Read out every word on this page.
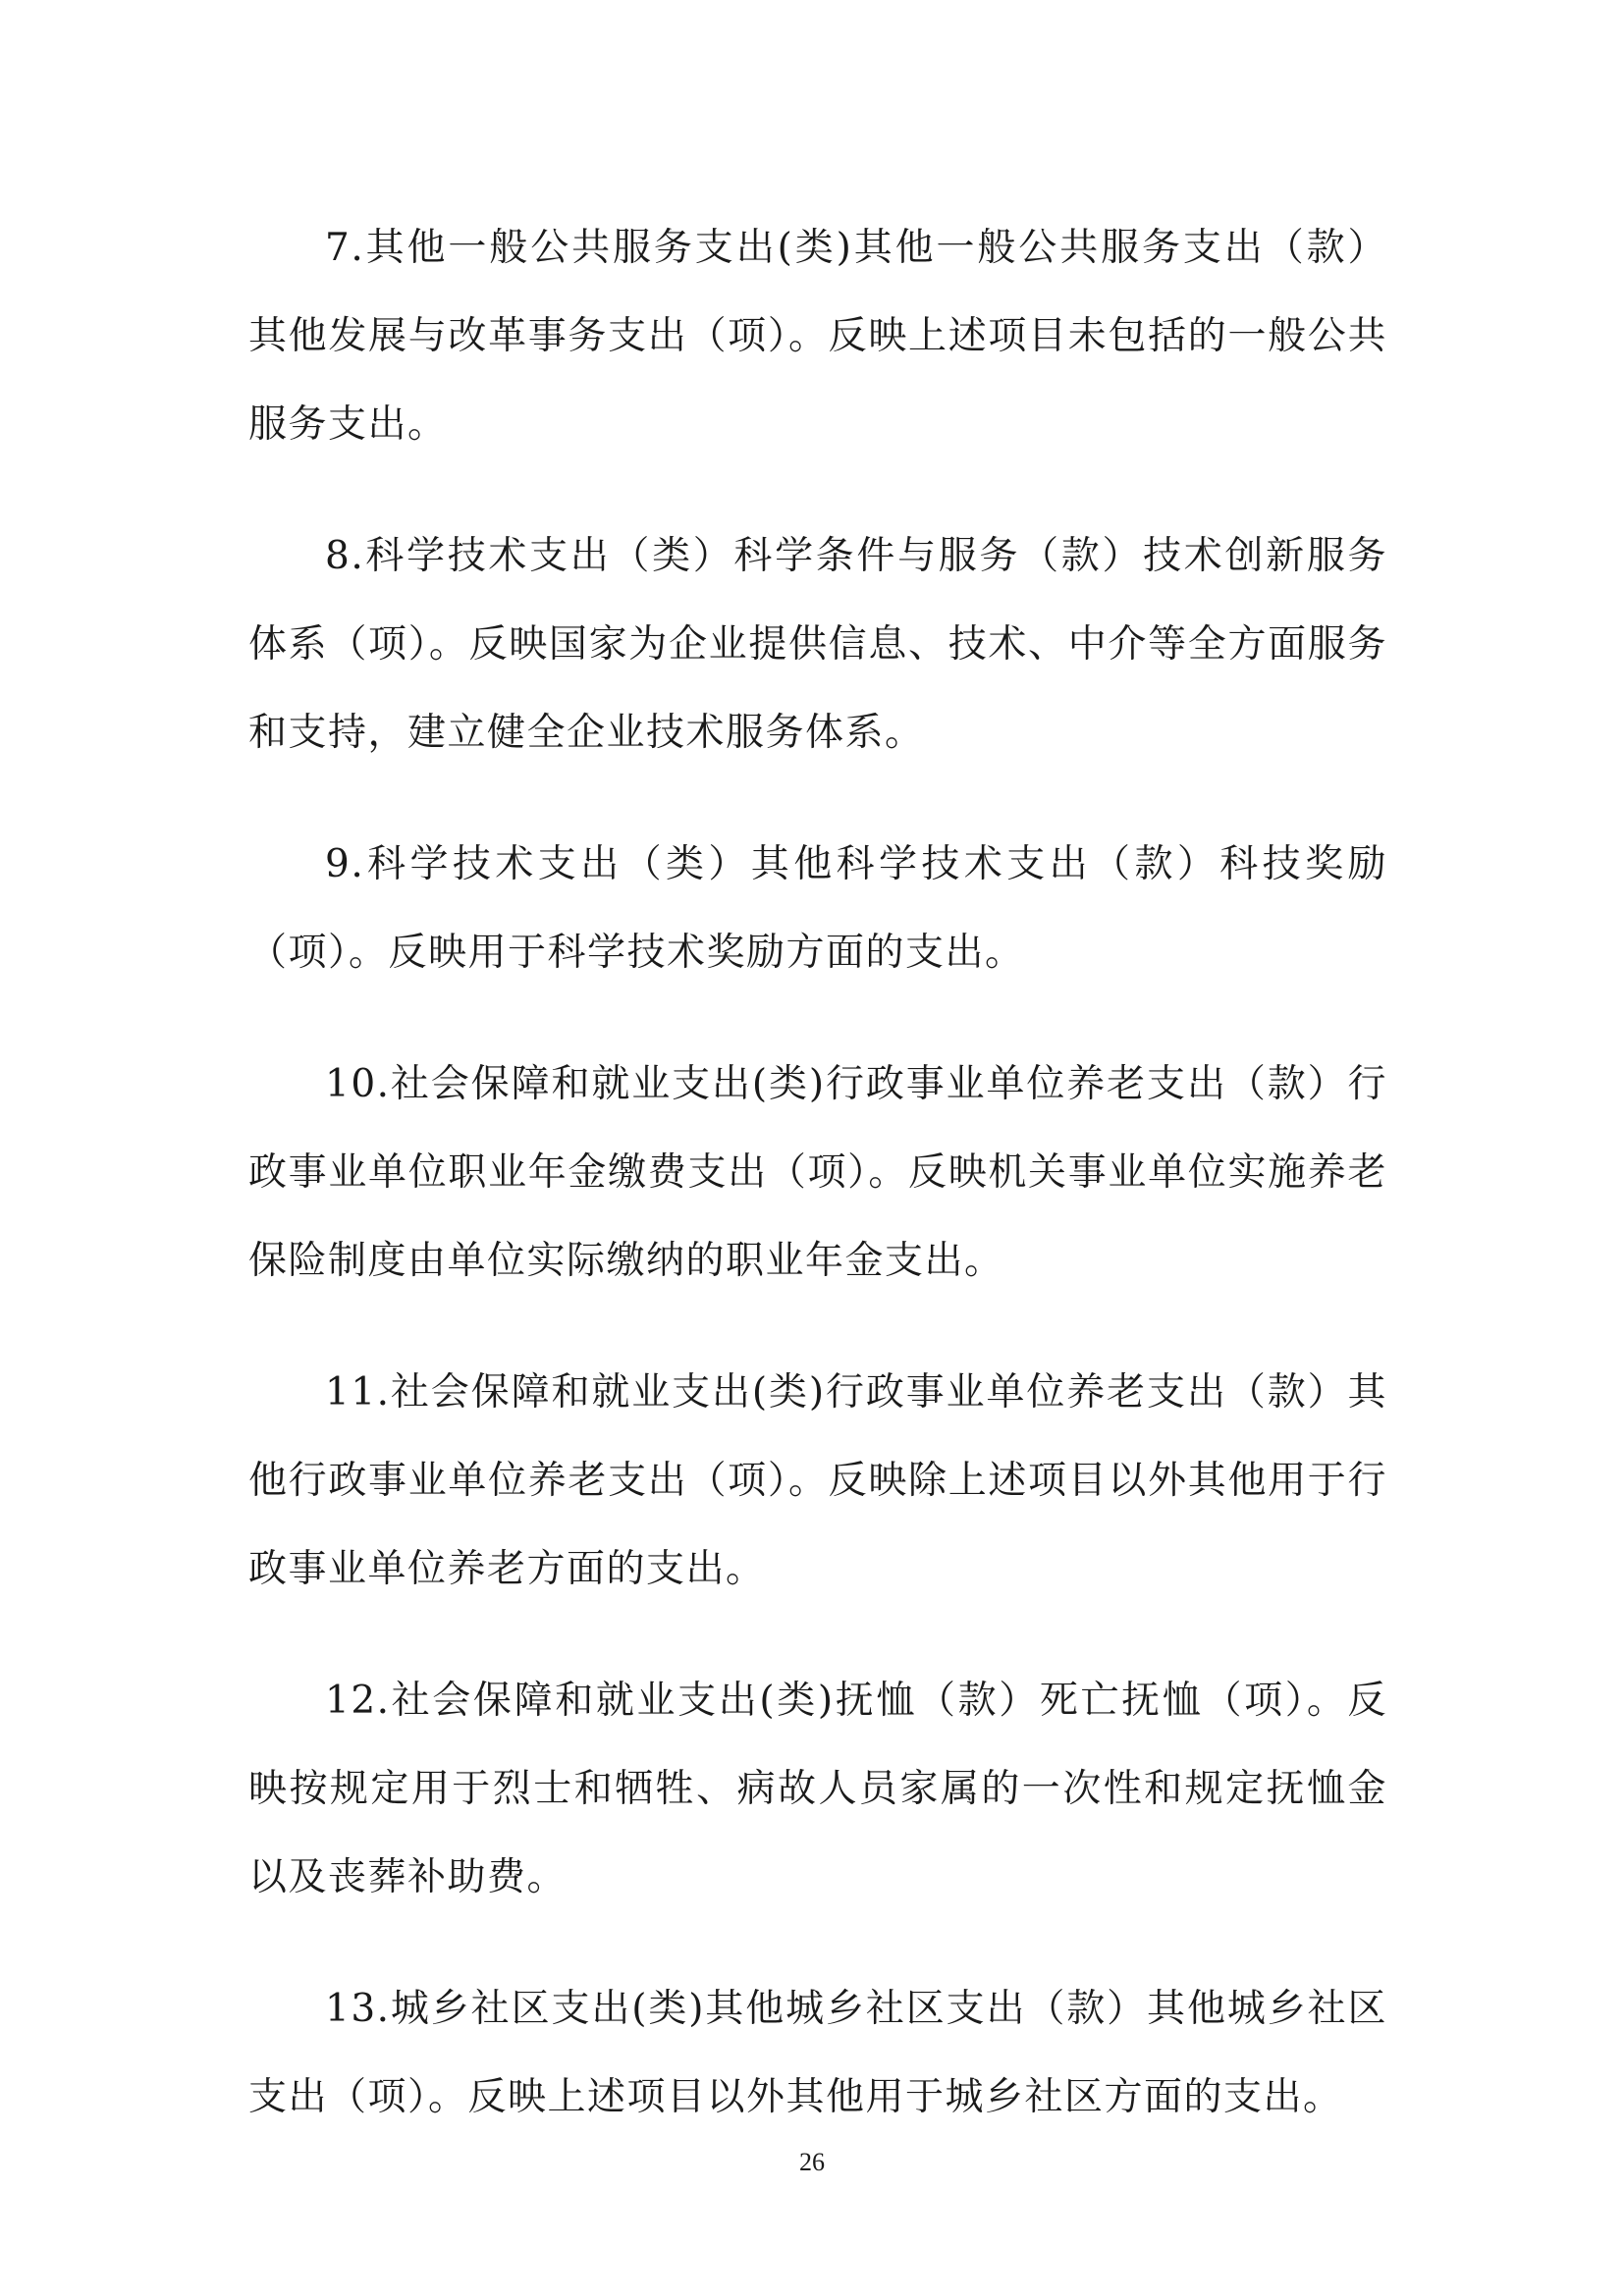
7.其他一般公共服务支出(类)其他一般公共服务支出（款）其他发展与改革事务支出（项）。反映上述项目未包括的一般公共服务支出。

8.科学技术支出（类）科学条件与服务（款）技术创新服务体系（项）。反映国家为企业提供信息、技术、中介等全方面服务和支持，建立健全企业技术服务体系。

9.科学技术支出（类）其他科学技术支出（款）科技奖励（项）。反映用于科学技术奖励方面的支出。

10.社会保障和就业支出(类)行政事业单位养老支出（款）行政事业单位职业年金缴费支出（项）。反映机关事业单位实施养老保险制度由单位实际缴纳的职业年金支出。

11.社会保障和就业支出(类)行政事业单位养老支出（款）其他行政事业单位养老支出（项）。反映除上述项目以外其他用于行政事业单位养老方面的支出。

12.社会保障和就业支出(类)抚恤（款）死亡抚恤（项）。反映按规定用于烈士和牺牲、病故人员家属的一次性和规定抚恤金以及丧葬补助费。

13.城乡社区支出(类)其他城乡社区支出（款）其他城乡社区支出（项）。反映上述项目以外其他用于城乡社区方面的支出。

26
